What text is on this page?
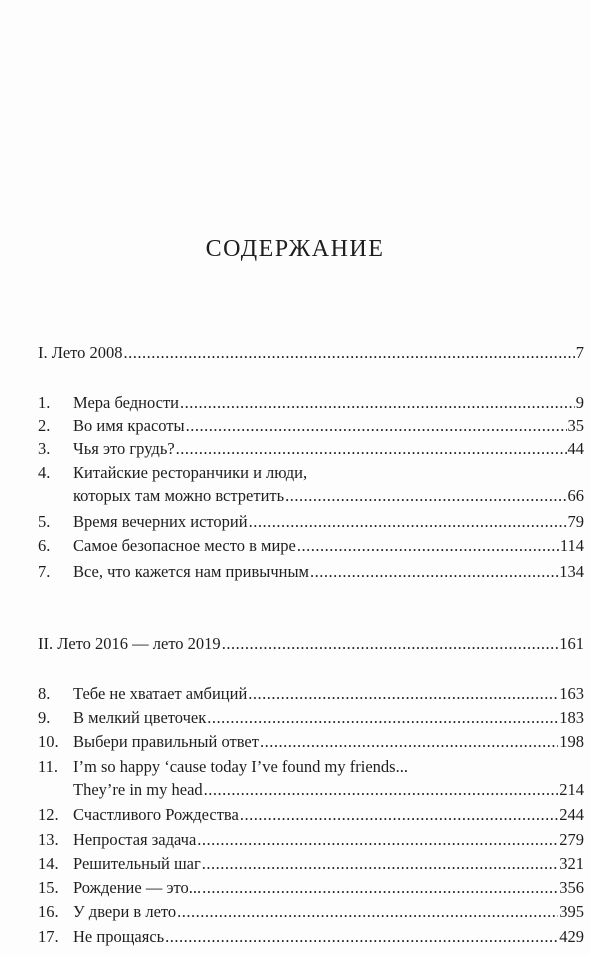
СОДЕРЖАНИЕ
I. Лето 2008 .....	7
1.	Мера бедности .....	9
2.	Во имя красоты .....	35
3.	Чья это грудь? .....	44
4.	Китайские ресторанчики и люди,
которых там можно встретить .....	66
5.	Время вечерних историй .....	79
6.	Самое безопасное место в мире .....	114
7.	Все, что кажется нам привычным .....	134
II. Лето 2016 — лето 2019 .....	161
8.	Тебе не хватает амбиций .....	163
9.	В мелкий цветочек .....	183
10. Выбери правильный ответ .....	198
11. I’m so happy ‘cause today I’ve found my friends...
They’re in my head .....	214
12. Счастливого Рождества .....	244
13. Непростая задача .....	279
14. Решительный шаг .....	321
15. Рождение — это... .....	356
16. У двери в лето .....	395
17. Не прощаясь .....	429
